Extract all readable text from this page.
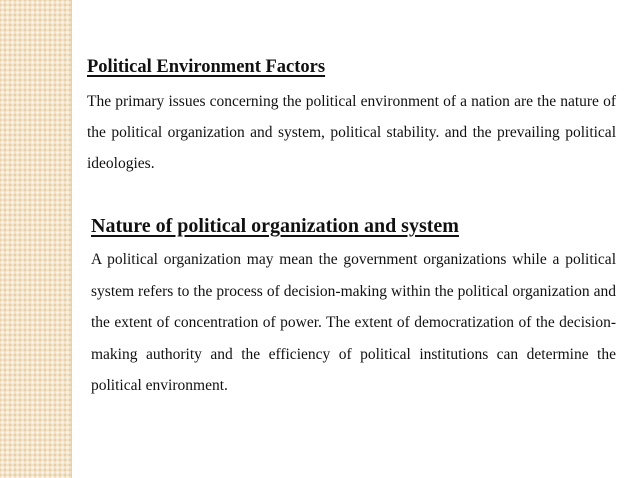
Political Environment Factors

The primary issues concerning the political environment of a nation are the nature of the political organization and system, political stability. and the prevailing political ideologies.

Nature of political organization and system

A political organization may mean the government organizations while a political system refers to the process of decision-making within the political organization and the extent of concentration of power. The extent of democratization of the decision-making authority and the efficiency of political institutions can determine the political environment.
